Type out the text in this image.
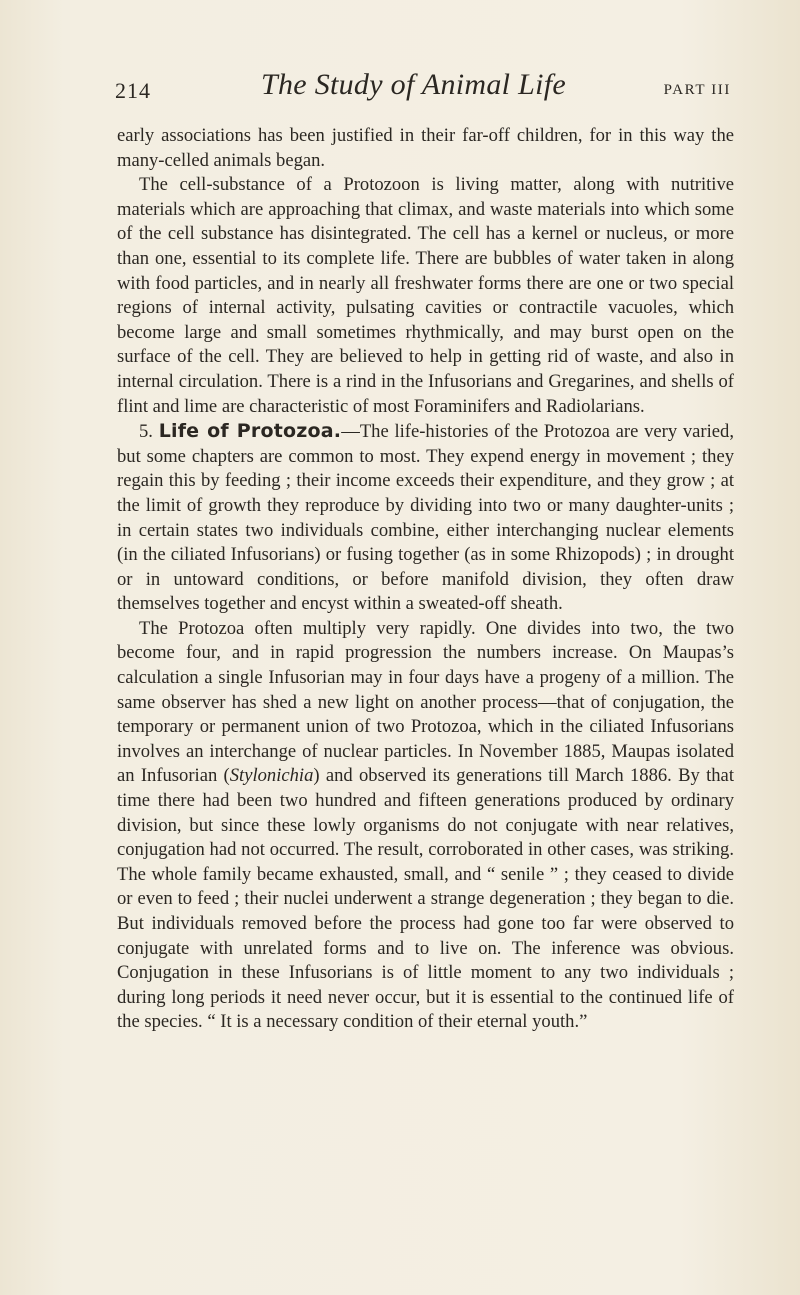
214	The Study of Animal Life	PART III

early associations has been justified in their far-off children, for in this way the many-celled animals began.

The cell-substance of a Protozoon is living matter, along with nutritive materials which are approaching that climax, and waste materials into which some of the cell substance has disintegrated. The cell has a kernel or nucleus, or more than one, essential to its complete life. There are bubbles of water taken in along with food particles, and in nearly all freshwater forms there are one or two special regions of internal activity, pulsating cavities or contractile vacuoles, which become large and small sometimes rhythmically, and may burst open on the surface of the cell. They are believed to help in getting rid of waste, and also in internal circulation. There is a rind in the Infusorians and Gregarines, and shells of flint and lime are characteristic of most Foraminifers and Radiolarians.

5. Life of Protozoa.—The life-histories of the Protozoa are very varied, but some chapters are common to most. They expend energy in movement ; they regain this by feeding ; their income exceeds their expenditure, and they grow ; at the limit of growth they reproduce by dividing into two or many daughter-units ; in certain states two individuals combine, either interchanging nuclear elements (in the ciliated Infusorians) or fusing together (as in some Rhizopods) ; in drought or in untoward conditions, or before manifold division, they often draw themselves together and encyst within a sweated-off sheath.

The Protozoa often multiply very rapidly. One divides into two, the two become four, and in rapid progression the numbers increase. On Maupas’s calculation a single Infusorian may in four days have a progeny of a million. The same observer has shed a new light on another process—that of conjugation, the temporary or permanent union of two Protozoa, which in the ciliated Infusorians involves an interchange of nuclear particles. In November 1885, Maupas isolated an Infusorian (Stylonichia) and observed its generations till March 1886. By that time there had been two hundred and fifteen generations produced by ordinary division, but since these lowly organisms do not conjugate with near relatives, conjugation had not occurred. The result, corroborated in other cases, was striking. The whole family became exhausted, small, and “ senile ” ; they ceased to divide or even to feed ; their nuclei underwent a strange degeneration ; they began to die. But individuals removed before the process had gone too far were observed to conjugate with unrelated forms and to live on. The inference was obvious. Conjugation in these Infusorians is of little moment to any two individuals ; during long periods it need never occur, but it is essential to the continued life of the species. “ It is a necessary condition of their eternal youth.”
